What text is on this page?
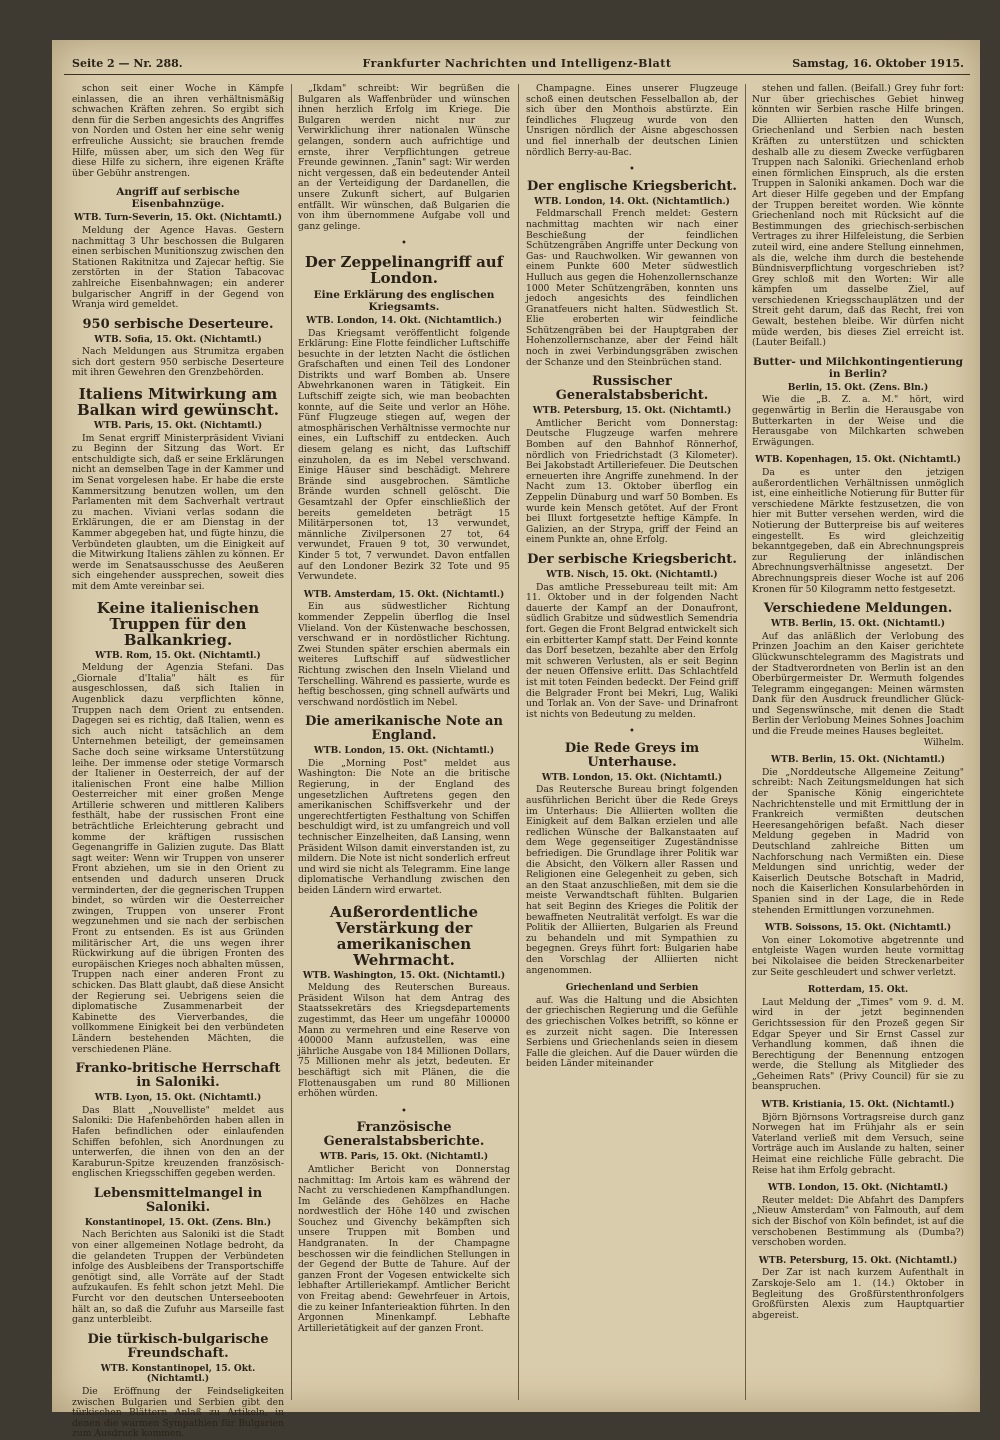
Seite 2 — Nr. 288.	Frankfurter Nachrichten und Intelligenz-Blatt	Samstag, 16. Oktober 1915.

schon seit einer Woche in Kämpfe einlassen, die an ihren verhältnismäßig schwachen Kräften zehren. So ergibt sich denn für die Serben angesichts des Angriffes von Norden und Osten her eine sehr wenig erfreuliche Aussicht; sie brauchen fremde Hilfe, müssen aber, um sich den Weg für diese Hilfe zu sichern, ihre eigenen Kräfte über Gebühr anstrengen.

Angriff auf serbische Eisenbahnzüge.
WTB. Turn-Severin, 15. Okt. (Nichtamtl.)

Meldung der Agence Havas. Gestern nachmittag 3 Uhr beschossen die Bulgaren einen serbischen Munitionszug zwischen den Stationen Rakitnitza und Zajecar heftig. Sie zerstörten in der Station Tabacovac zahlreiche Eisenbahnwagen; ein anderer bulgarischer Angriff in der Gegend von Wranja wird gemeldet.

950 serbische Deserteure.
WTB. Sofia, 15. Okt. (Nichtamtl.)

Nach Meldungen aus Strumitza ergaben sich dort gestern 950 serbische Deserteure mit ihren Gewehren den Grenzbehörden.

Italiens Mitwirkung am Balkan wird gewünscht.
WTB. Paris, 15. Okt. (Nichtamtl.)

Im Senat ergriff Ministerpräsident Viviani zu Beginn der Sitzung das Wort. Er entschuldigte sich, daß er seine Erklärungen nicht an demselben Tage in der Kammer und im Senat vorgelesen habe. Er habe die erste Kammersitzung benutzen wollen, um den Parlamenten mit dem Sachverhalt vertraut zu machen. Viviani verlas sodann die Erklärungen, die er am Dienstag in der Kammer abgegeben hat, und fügte hinzu, die Verbündeten glaubten, um die Einigkeit auf die Mitwirkung Italiens zählen zu können. Er werde im Senatsausschusse des Aeußeren sich eingehender aussprechen, soweit dies mit dem Amte vereinbar sei.

Keine italienischen Truppen für den Balkankrieg.
WTB. Rom, 15. Okt. (Nichtamtl.)

Meldung der Agenzia Stefani. Das „Giornale d'Italia" hält es für ausgeschlossen, daß sich Italien in Augenblick dazu verpflichten könne, Truppen nach dem Orient zu entsenden. Dagegen sei es richtig, daß Italien, wenn es sich auch nicht tatsächlich an dem Unternehmen beteiligt, der gemeinsamen Sache doch seine wirksame Unterstützung leihe. Der immense oder stetige Vormarsch der Italiener in Oesterreich, der auf der italienischen Front eine halbe Million Oesterreicher mit einer großen Menge Artillerie schweren und mittleren Kalibers festhält, habe der russischen Front eine beträchtliche Erleichterung gebracht und komme der kräftigen russischen Gegenangriffe in Galizien zugute. Das Blatt sagt weiter: Wenn wir Truppen von unserer Front abziehen, um sie in den Orient zu entsenden und dadurch unseren Druck verminderten, der die gegnerischen Truppen bindet, so würden wir die Oesterreicher zwingen, Truppen von unserer Front wegzunehmen und sie nach der serbischen Front zu entsenden. Es ist aus Gründen militärischer Art, die uns wegen ihrer Rückwirkung auf die übrigen Fronten des europäischen Krieges noch abhalten müssen, Truppen nach einer anderen Front zu schicken. Das Blatt glaubt, daß diese Ansicht der Regierung sei. Uebrigens seien die diplomatische Zusammenarbeit der Kabinette des Vierverbandes, die vollkommene Einigkeit bei den verbündeten Ländern bestehenden Mächten, die verschiedenen Pläne.

Franko-britische Herrschaft in Saloniki.
WTB. Lyon, 15. Okt. (Nichtamtl.)

Das Blatt „Nouvelliste" meldet aus Saloniki: Die Hafenbehörden haben allen in Hafen befindlichen oder einlaufenden Schiffen befohlen, sich Anordnungen zu unterwerfen, die ihnen von den an der Karaburun-Spitze kreuzenden französisch-englischen Kriegsschiffen gegeben werden.

Lebensmittelmangel in Saloniki.
Konstantinopel, 15. Okt. (Zens. Bln.)

Nach Berichten aus Saloniki ist die Stadt von einer allgemeinen Notlage bedroht, da die gelandeten Truppen der Verbündeten infolge des Ausbleibens der Transportschiffe genötigt sind, alle Vorräte auf der Stadt aufzukaufen. Es fehlt schon jetzt Mehl. Die Furcht vor den deutschen Unterseebooten hält an, so daß die Zufuhr aus Marseille fast ganz unterbleibt.

Die türkisch-bulgarische Freundschaft.
WTB. Konstantinopel, 15. Okt. (Nichtamtl.)

Die Eröffnung der Feindseligkeiten zwischen Bulgarien und Serbien gibt den türkischen Blättern Anlaß zu Artikeln, in denen die warmen Sympathien für Bulgarien zum Ausdruck kommen.

„Ikdam" schreibt: Wir begrüßen die Bulgaren als Waffenbrüder und wünschen ihnen herzlich Erfolg im Kriege. Die Bulgaren werden nicht nur zur Verwirklichung ihrer nationalen Wünsche gelangen, sondern auch aufrichtige und ernste, ihrer Verpflichtungen getreue Freunde gewinnen. „Tanin" sagt: Wir werden nicht vergessen, daß ein bedeutender Anteil an der Verteidigung der Dardanellen, die unsere Zukunft sichert, auf Bulgarien entfällt. Wir wünschen, daß Bulgarien die von ihm übernommene Aufgabe voll und ganz gelinge.

•
Der Zeppelinangriff auf London.
Eine Erklärung des englischen Kriegsamts.
WTB. London, 14. Okt. (Nichtamtlich.)

Das Kriegsamt veröffentlicht folgende Erklärung: Eine Flotte feindlicher Luftschiffe besuchte in der letzten Nacht die östlichen Grafschaften und einen Teil des Londoner Distrikts und warf Bomben ab. Unsere Abwehrkanonen waren in Tätigkeit. Ein Luftschiff zeigte sich, wie man beobachten konnte, auf die Seite und verlor an Höhe. Fünf Flugzeuge stiegen auf, wegen der atmosphärischen Verhältnisse vermochte nur eines, ein Luftschiff zu entdecken. Auch diesem gelang es nicht, das Luftschiff einzuholen, da es im Nebel verschwand. Einige Häuser sind beschädigt. Mehrere Brände sind ausgebrochen. Sämtliche Brände wurden schnell gelöscht. Die Gesamtzahl der Opfer einschließlich der bereits gemeldeten beträgt 15 Militärpersonen tot, 13 verwundet, männliche Zivilpersonen 27 tot, 64 verwundet, Frauen 9 tot, 30 verwundet, Kinder 5 tot, 7 verwundet. Davon entfallen auf den Londoner Bezirk 32 Tote und 95 Verwundete.

WTB. Amsterdam, 15. Okt. (Nichtamtl.)

Ein aus südwestlicher Richtung kommender Zeppelin überflog die Insel Vlieland. Von der Küstenwache beschossen, verschwand er in nordöstlicher Richtung. Zwei Stunden später erschien abermals ein weiteres Luftschiff auf südwestlicher Richtung zwischen den Inseln Vlieland und Terschelling. Während es passierte, wurde es heftig beschossen, ging schnell aufwärts und verschwand nordöstlich im Nebel.

Die amerikanische Note an England.
WTB. London, 15. Okt. (Nichtamtl.)

Die „Morning Post" meldet aus Washington: Die Note an die britische Regierung, in der England des ungesetzlichen Auftretens gegen den amerikanischen Schiffsverkehr und der ungerechtfertigten Festhaltung von Schiffen beschuldigt wird, ist zu umfangreich und voll technischer Einzelheiten, daß Lansing, wenn Präsident Wilson damit einverstanden ist, zu mildern. Die Note ist nicht sonderlich erfreut und wird sie nicht als Telegramm. Eine lange diplomatische Verhandlung zwischen den beiden Ländern wird erwartet.

Außerordentliche Verstärkung der amerikanischen Wehrmacht.
WTB. Washington, 15. Okt. (Nichtamtl.)

Meldung des Reuterschen Bureaus. Präsident Wilson hat dem Antrag des Staatssekretärs des Kriegsdepartements zugestimmt, das Heer um ungefähr 100000 Mann zu vermehren und eine Reserve von 400000 Mann aufzustellen, was eine jährliche Ausgabe von 184 Millionen Dollars, 75 Millionen mehr als jetzt, bedeuten. Er beschäftigt sich mit Plänen, die die Flottenausgaben um rund 80 Millionen erhöhen würden.

•
Französische Generalstabsberichte.
WTB. Paris, 15. Okt. (Nichtamtl.)

Amtlicher Bericht von Donnerstag nachmittag: Im Artois kam es während der Nacht zu verschiedenen Kampfhandlungen. Im Gelände des Gehölzes en Hache nordwestlich der Höhe 140 und zwischen Souchez und Givenchy bekämpften sich unsere Truppen mit Bomben und Handgranaten. In der Champagne beschossen wir die feindlichen Stellungen in der Gegend der Butte de Tahure. Auf der ganzen Front der Vogesen entwickelte sich lebhafter Artilleriekampf. Amtlicher Bericht von Freitag abend: Gewehrfeuer in Artois, die zu keiner Infanterieaktion führten. In den Argonnen Minenkampf. Lebhafte Artillerietätigkeit auf der ganzen Front.

Champagne. Eines unserer Flugzeuge schoß einen deutschen Fesselballon ab, der sich über den Monthois abstürzte. Ein feindliches Flugzeug wurde von den Unsrigen nördlich der Aisne abgeschossen und fiel innerhalb der deutschen Linien nördlich Berry-au-Bac.

•
Der englische Kriegsbericht.
WTB. London, 14. Okt. (Nichtamtlich.)

Feldmarschall French meldet: Gestern nachmittag machten wir nach einer Beschießung der feindlichen Schützengräben Angriffe unter Deckung von Gas- und Rauchwolken. Wir gewannen von einem Punkte 600 Meter südwestlich Hulluch aus gegen die Hohenzollernschanze 1000 Meter Schützengräben, konnten uns jedoch angesichts des feindlichen Granatfeuers nicht halten. Südwestlich St. Elie eroberten wir feindliche Schützengräben bei der Hauptgraben der Hohenzollernschanze, aber der Feind hält noch in zwei Verbindungsgräben zwischen der Schanze und den Steinbrüchen stand.

Russischer Generalstabsbericht.
WTB. Petersburg, 15. Okt. (Nichtamtl.)

Amtlicher Bericht vom Donnerstag: Deutsche Flugzeuge warfen mehrere Bomben auf den Bahnhof Rönnerhof, nördlich von Friedrichstadt (3 Kilometer). Bei Jakobstadt Artilleriefeuer. Die Deutschen erneuerten ihre Angriffe zunehmend. In der Nacht zum 13. Oktober überflog ein Zeppelin Dünaburg und warf 50 Bomben. Es wurde kein Mensch getötet. Auf der Front bei Illuxt fortgesetzte heftige Kämpfe. In Galizien, an der Strypa, griff der Feind an einem Punkte an, ohne Erfolg.

Der serbische Kriegsbericht.
WTB. Nisch, 15. Okt. (Nichtamtl.)

Das amtliche Pressebureau teilt mit: Am 11. Oktober und in der folgenden Nacht dauerte der Kampf an der Donaufront, südlich Grabitze und südwestlich Semendria fort. Gegen die Front Belgrad entwickelt sich ein erbitterter Kampf statt. Der Feind konnte das Dorf besetzen, bezahlte aber den Erfolg mit schweren Verlusten, als er seit Beginn der neuen Offensive erlitt. Das Schlachtfeld ist mit toten Feinden bedeckt. Der Feind griff die Belgrader Front bei Mekri, Lug, Waliki und Torlak an. Von der Save- und Drinafront ist nichts von Bedeutung zu melden.

•
Die Rede Greys im Unterhause.
WTB. London, 15. Okt. (Nichtamtl.)

Das Reutersche Bureau bringt folgenden ausführlichen Bericht über die Rede Greys im Unterhaus: Die Alliierten wollten die Einigkeit auf dem Balkan erzielen und alle redlichen Wünsche der Balkanstaaten auf dem Wege gegenseitiger Zugeständnisse befriedigen. Die Grundlage ihrer Politik war die Absicht, den Völkern aller Rassen und Religionen eine Gelegenheit zu geben, sich an den Staat anzuschließen, mit dem sie die meiste Verwandtschaft fühlten. Bulgarien hat seit Beginn des Krieges die Politik der bewaffneten Neutralität verfolgt. Es war die Politik der Alliierten, Bulgarien als Freund zu behandeln und mit Sympathien zu begegnen. Greys führt fort: Bulgarien habe den Vorschlag der Alliierten nicht angenommen.

Griechenland und Serbien

auf. Was die Haltung und die Absichten der griechischen Regierung und die Gefühle des griechischen Volkes betrifft, so könne er es zurzeit nicht sagen. Die Interessen Serbiens und Griechenlands seien in diesem Falle die gleichen. Auf die Dauer würden die beiden Länder miteinander

stehen und fallen. (Beifall.) Grey fuhr fort: Nur über griechisches Gebiet hinweg könnten wir Serbien rasche Hilfe bringen. Die Alliierten hatten den Wunsch, Griechenland und Serbien nach besten Kräften zu unterstützen und schickten deshalb alle zu diesem Zwecke verfügbaren Truppen nach Saloniki. Griechenland erhob einen förmlichen Einspruch, als die ersten Truppen in Saloniki ankamen. Doch war die Art dieser Hilfe gegeben und der Empfang der Truppen bereitet worden. Wie könnte Griechenland noch mit Rücksicht auf die Bestimmungen des griechisch-serbischen Vertrages zu ihrer Hilfeleistung, die Serbien zuteil wird, eine andere Stellung einnehmen, als die, welche ihm durch die bestehende Bündnisverpflichtung vorgeschrieben ist? Grey schloß mit den Worten: Wir alle kämpfen um dasselbe Ziel, auf verschiedenen Kriegsschauplätzen und der Streit geht darum, daß das Recht, frei von Gewalt, bestehen bleibe. Wir dürfen nicht müde werden, bis dieses Ziel erreicht ist. (Lauter Beifall.)

Butter- und Milchkontingentierung in Berlin?
Berlin, 15. Okt. (Zens. Bln.)

Wie die „B. Z. a. M." hört, wird gegenwärtig in Berlin die Herausgabe von Butterkarten in der Weise und die Herausgabe von Milchkarten schweben Erwägungen.

WTB. Kopenhagen, 15. Okt. (Nichtamtl.)

Da es unter den jetzigen außerordentlichen Verhältnissen unmöglich ist, eine einheitliche Notierung für Butter für verschiedene Märkte festzusetzen, die von hier mit Butter versehen werden, wird die Notierung der Butterpreise bis auf weiteres eingestellt. Es wird gleichzeitig bekanntgegeben, daß ein Abrechnungspreis zur Regulierung der inländischen Abrechnungsverhältnisse angesetzt. Der Abrechnungspreis dieser Woche ist auf 206 Kronen für 50 Kilogramm netto festgesetzt.

Verschiedene Meldungen.
WTB. Berlin, 15. Okt. (Nichtamtl.)

Auf das anläßlich der Verlobung des Prinzen Joachim an den Kaiser gerichtete Glückwunschtelegramm des Magistrats und der Stadtverordneten von Berlin ist an den Oberbürgermeister Dr. Wermuth folgendes Telegramm eingegangen: Meinen wärmsten Dank für den Ausdruck freundlicher Glück- und Segenswünsche, mit denen die Stadt Berlin der Verlobung Meines Sohnes Joachim und die Freude meines Hauses begleitet.

Wilhelm.
WTB. Berlin, 15. Okt. (Nichtamtl.)

Die „Norddeutsche Allgemeine Zeitung" schreibt: Nach Zeitungsmeldungen hat sich der Spanische König eingerichtete Nachrichtenstelle und mit Ermittlung der in Frankreich vermißten deutschen Heeresangehörigen befaßt. Nach dieser Meldung gegeben in Madrid von Deutschland zahlreiche Bitten um Nachforschung nach Vermißten ein. Diese Meldungen sind unrichtig, weder der Kaiserlich Deutsche Botschaft in Madrid, noch die Kaiserlichen Konsularbehörden in Spanien sind in der Lage, die in Rede stehenden Ermittlungen vorzunehmen.

WTB. Soissons, 15. Okt. (Nichtamtl.)

Von einer Lokomotive abgetrennte und entgleiste Wagen wurden heute vormittag bei Nikolaisee die beiden Streckenarbeiter zur Seite geschleudert und schwer verletzt.

Rotterdam, 15. Okt.

Laut Meldung der „Times" vom 9. d. M. wird in der jetzt beginnenden Gerichtssession für den Prozeß gegen Sir Edgar Speyer und Sir Ernst Cassel zur Verhandlung kommen, daß ihnen die Berechtigung der Benennung entzogen werde, die Stellung als Mitglieder des „Geheimen Rats" (Privy Council) für sie zu beanspruchen.

WTB. Kristiania, 15. Okt. (Nichtamtl.)

Björn Björnsons Vortragsreise durch ganz Norwegen hat im Frühjahr als er sein Vaterland verließ mit dem Versuch, seine Vorträge auch im Auslande zu halten, seiner Heimat eine reichliche Fülle gebracht. Die Reise hat ihm Erfolg gebracht.

WTB. London, 15. Okt. (Nichtamtl.)

Reuter meldet: Die Abfahrt des Dampfers „Nieuw Amsterdam" von Falmouth, auf dem sich der Bischof von Köln befindet, ist auf die verschobenen Bestimmung als (Dumba?) verschoben worden.

WTB. Petersburg, 15. Okt. (Nichtamtl.)

Der Zar ist nach kurzem Aufenthalt in Zarskoje-Selo am 1. (14.) Oktober in Begleitung des Großfürstenthronfolgers Großfürsten Alexis zum Hauptquartier abgereist.
